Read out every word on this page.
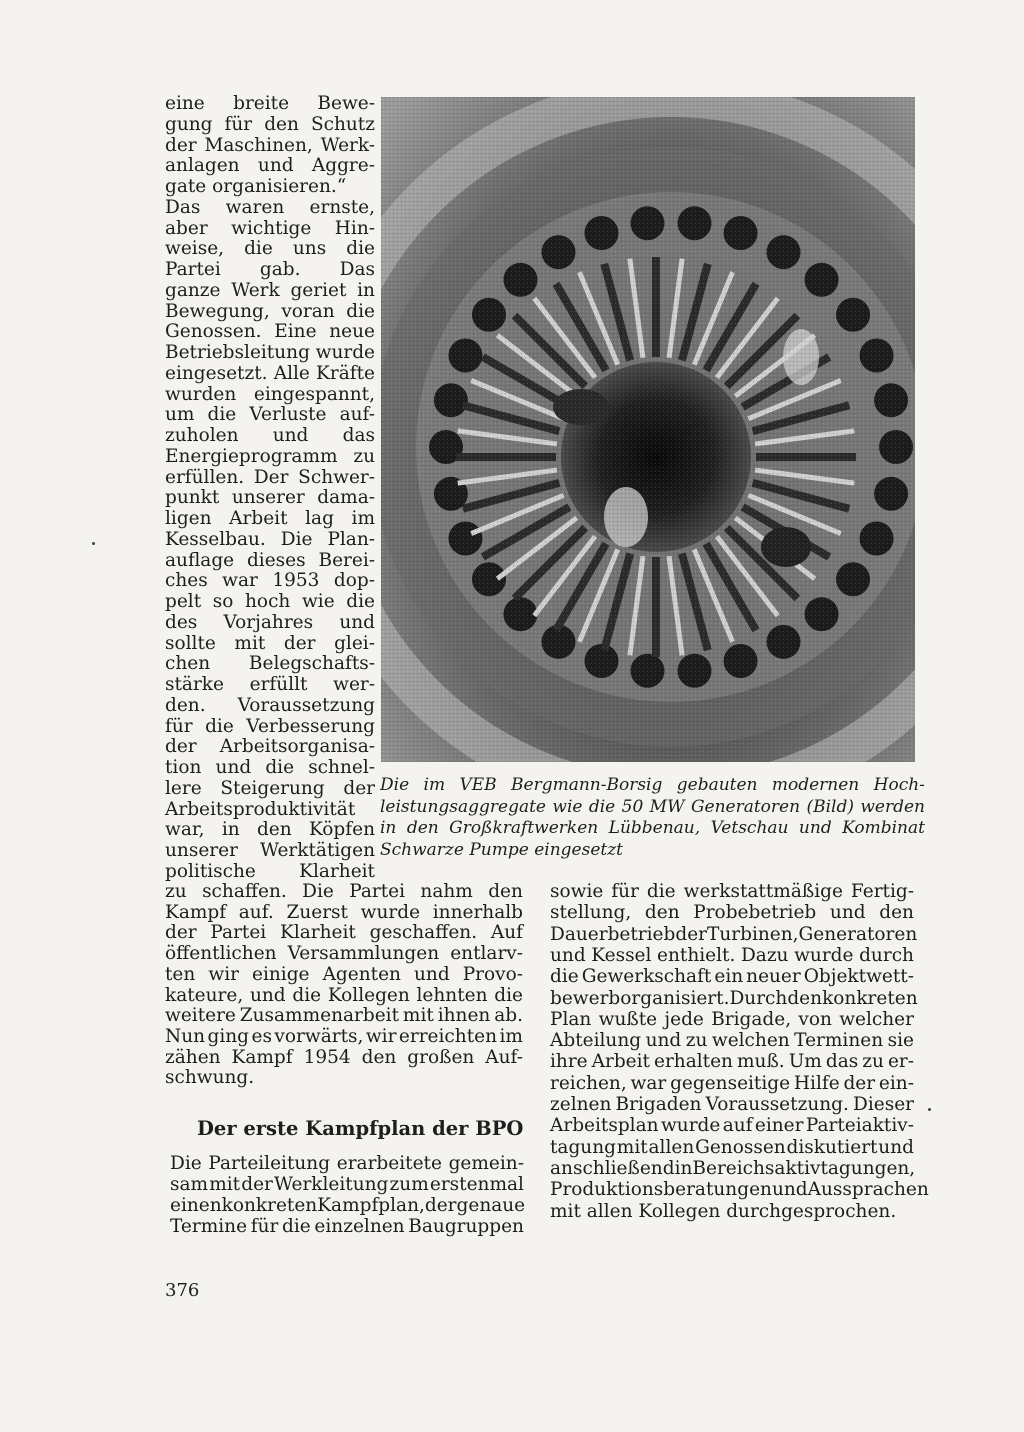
eine breite Bewe-
gung für den Schutz
der Maschinen, Werk-
anlagen und Aggre-
gate organisieren.“
Das waren ernste,
aber wichtige Hin-
weise, die uns die
Partei gab. Das
ganze Werk geriet in
Bewegung, voran die
Genossen. Eine neue
Betriebsleitung wurde
eingesetzt. Alle Kräfte
wurden eingespannt,
um die Verluste auf-
zuholen und das
Energieprogramm zu
erfüllen. Der Schwer-
punkt unserer dama-
ligen Arbeit lag im
Kesselbau. Die Plan-
auflage dieses Berei-
ches war 1953 dop-
pelt so hoch wie die
des Vorjahres und
sollte mit der glei-
chen Belegschafts-
stärke erfüllt wer-
den. Voraussetzung
für die Verbesserung
der Arbeitsorganisa-
tion und die schnel-
lere Steigerung der
Arbeitsproduktivität
war, in den Köpfen
unserer Werktätigen
politische Klarheit
zu schaffen. Die Partei nahm den
Kampf auf. Zuerst wurde innerhalb
der Partei Klarheit geschaffen. Auf
öffentlichen Versammlungen entlarv-
ten wir einige Agenten und Provo-
kateure, und die Kollegen lehnten die
weitere Zusammenarbeit mit ihnen ab.
Nun ging es vorwärts, wir erreichten im
zähen Kampf 1954 den großen Auf-
schwung.
Die im VEB Bergmann-Borsig gebauten modernen Hoch-
leistungsaggregate wie die 50 MW Generatoren (Bild) werden
in den Großkraftwerken Lübbenau, Vetschau und Kombinat
Schwarze Pumpe eingesetzt
Der erste Kampfplan der BPO
Die Parteileitung erarbeitete gemein-
sam mit der Werkleitung zum erstenmal
einen konkreten Kampfplan, der genaue
Termine für die einzelnen Baugruppen
sowie für die werkstattmäßige Fertig-
stellung, den Probebetrieb und den
Dauerbetrieb der Turbinen, Generatoren
und Kessel enthielt. Dazu wurde durch
die Gewerkschaft ein neuer Objektwett-
bewerb organisiert. Durch den konkreten
Plan wußte jede Brigade, von welcher
Abteilung und zu welchen Terminen sie
ihre Arbeit erhalten muß. Um das zu er-
reichen, war gegenseitige Hilfe der ein-
zelnen Brigaden Voraussetzung. Dieser
Arbeitsplan wurde auf einer Parteiaktiv-
tagung mit allen Genossen diskutiert und
anschließend in Bereichsaktivtagungen,
Produktionsberatungen und Aussprachen
mit allen Kollegen durchgesprochen.
376
